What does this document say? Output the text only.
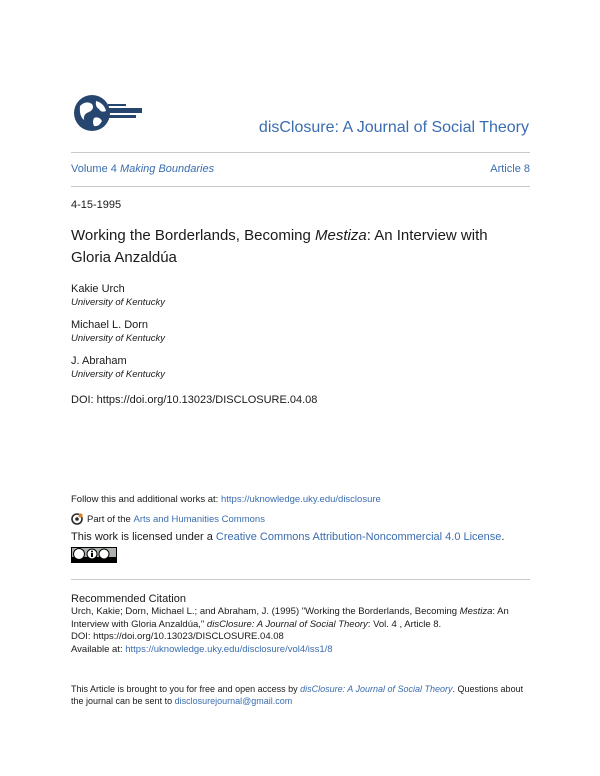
disClosure: A Journal of Social Theory
Volume 4 Making Boundaries	Article 8
4-15-1995
Working the Borderlands, Becoming Mestiza: An Interview with Gloria Anzaldúa
Kakie Urch
University of Kentucky
Michael L. Dorn
University of Kentucky
J. Abraham
University of Kentucky
DOI: https://doi.org/10.13023/DISCLOSURE.04.08
Follow this and additional works at: https://uknowledge.uky.edu/disclosure
Part of the
Arts and Humanities Commons
This work is licensed under a Creative Commons Attribution-Noncommercial 4.0 License.
Recommended Citation
Urch, Kakie; Dorn, Michael L.; and Abraham, J. (1995) "Working the Borderlands, Becoming Mestiza: An Interview with Gloria Anzaldúa," disClosure: A Journal of Social Theory: Vol. 4 , Article 8.
DOI: https://doi.org/10.13023/DISCLOSURE.04.08
Available at: https://uknowledge.uky.edu/disclosure/vol4/iss1/8
This Article is brought to you for free and open access by disClosure: A Journal of Social Theory. Questions about the journal can be sent to disclosurejournal@gmail.com
